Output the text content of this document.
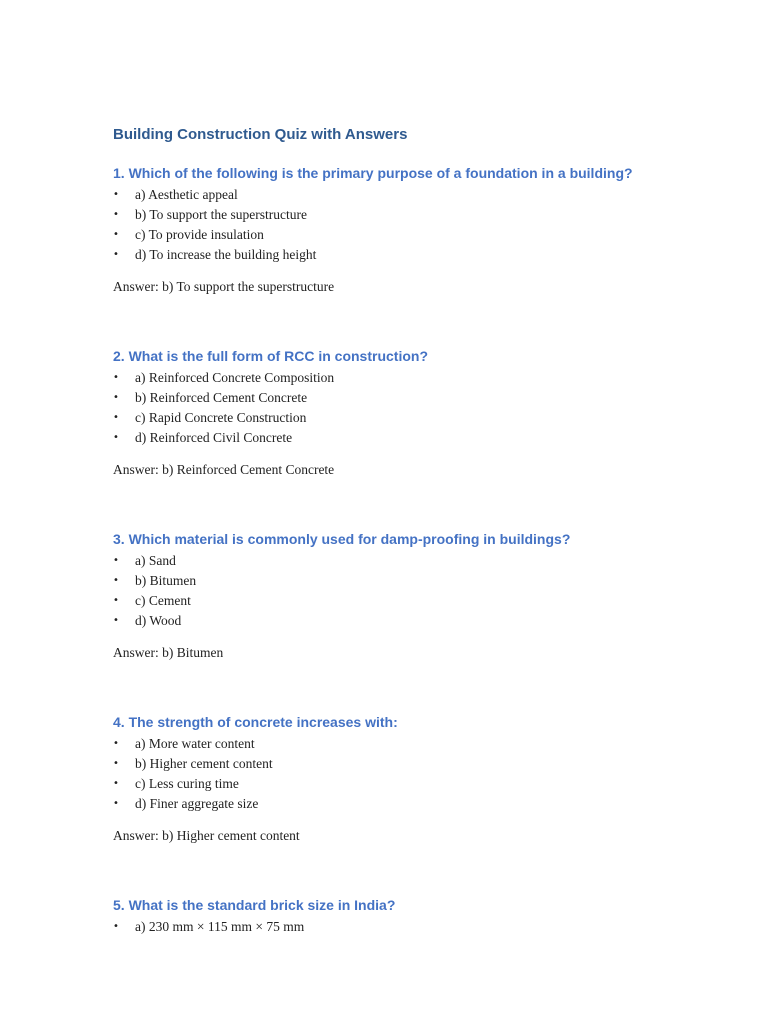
Building Construction Quiz with Answers
1. Which of the following is the primary purpose of a foundation in a building?
• a) Aesthetic appeal
• b) To support the superstructure
• c) To provide insulation
• d) To increase the building height

Answer: b) To support the superstructure

2. What is the full form of RCC in construction?
• a) Reinforced Concrete Composition
• b) Reinforced Cement Concrete
• c) Rapid Concrete Construction
• d) Reinforced Civil Concrete

Answer: b) Reinforced Cement Concrete

3. Which material is commonly used for damp-proofing in buildings?
• a) Sand
• b) Bitumen
• c) Cement
• d) Wood

Answer: b) Bitumen

4. The strength of concrete increases with:
• a) More water content
• b) Higher cement content
• c) Less curing time
• d) Finer aggregate size

Answer: b) Higher cement content

5. What is the standard brick size in India?
• a) 230 mm × 115 mm × 75 mm
